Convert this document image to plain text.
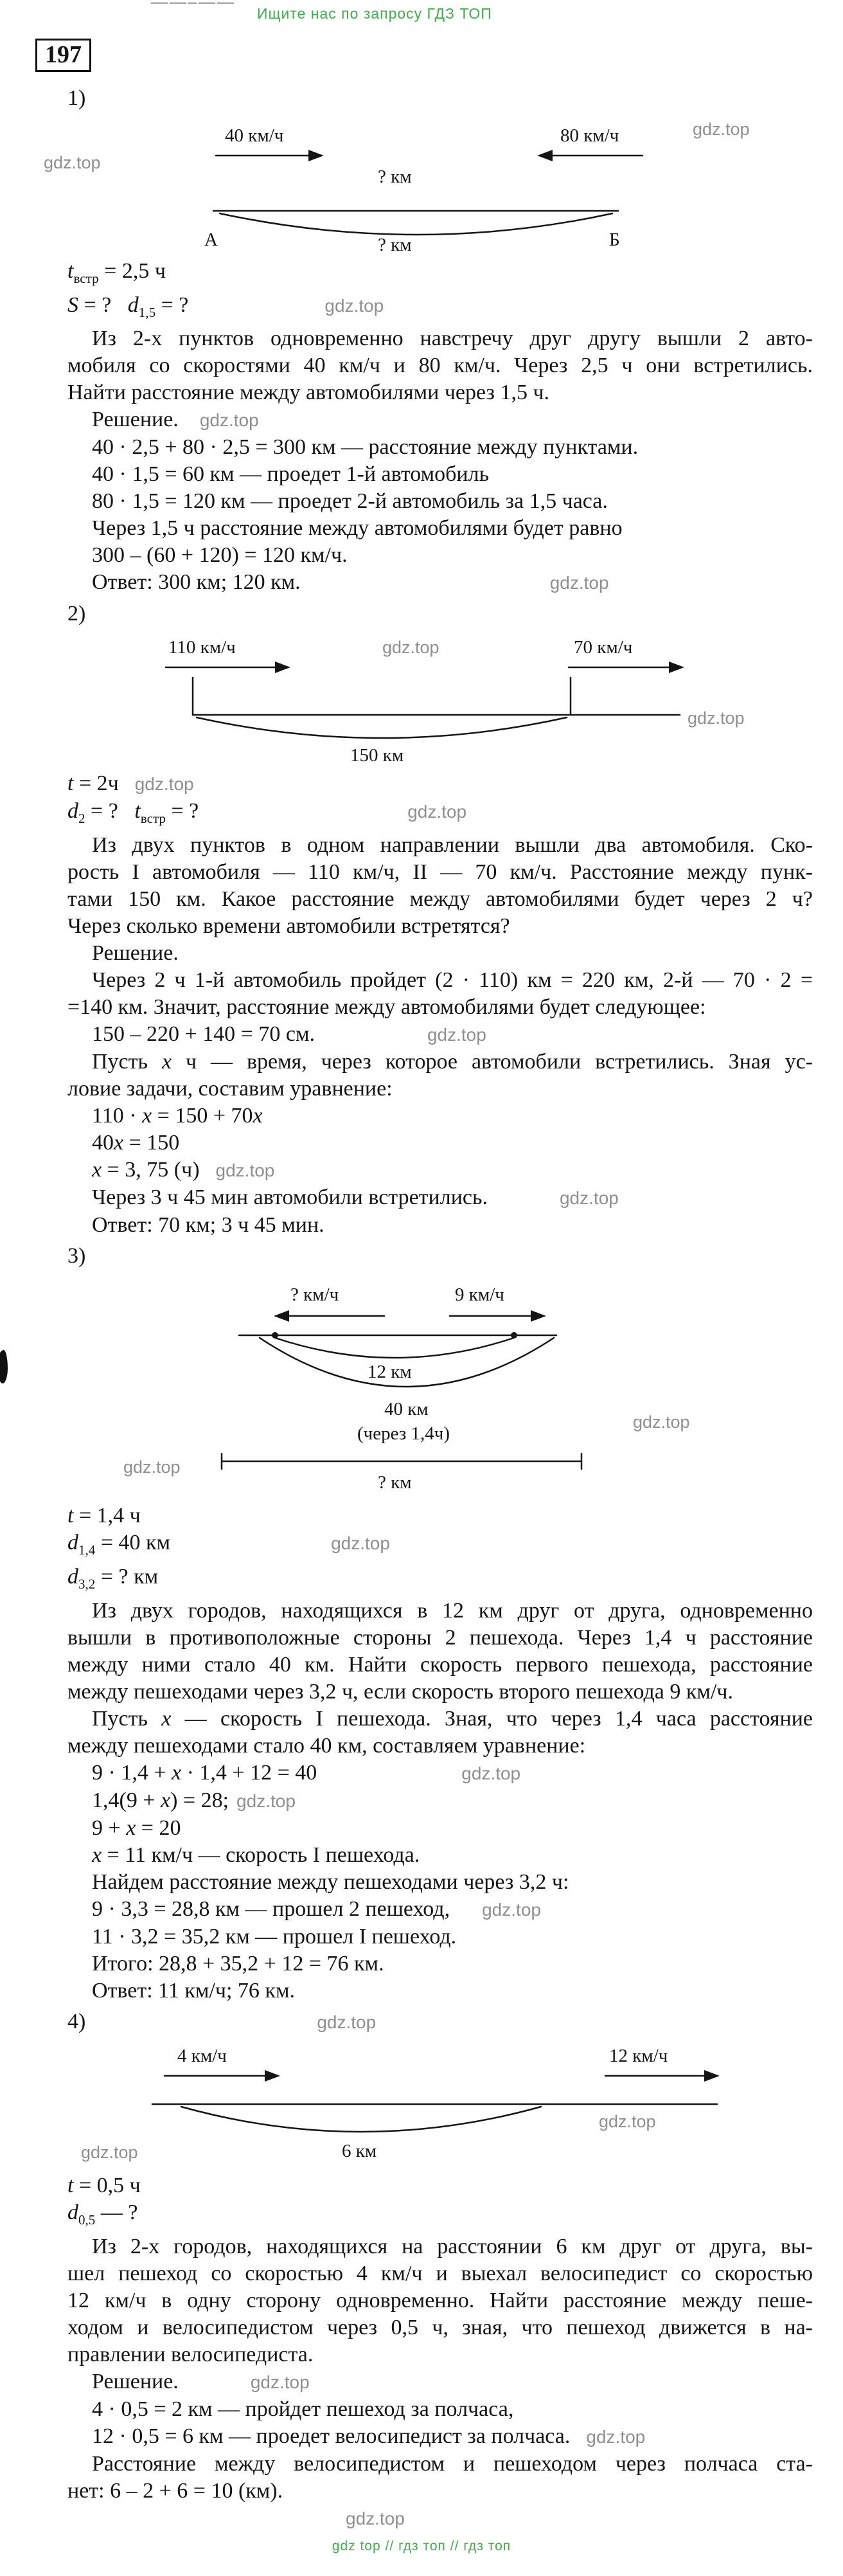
——–——
Ищите нас по запросу ГДЗ ТОП
197
1)
40 км/ч	80 км/ч	gdz.top
gdz.top
? км
А	Б
? км
$t_{встр} = 2,5$ ч
S = ?   $d_{1,5}$ = ?	gdz.top
Из 2-х пунктов одновременно навстречу друг другу вышли 2 авто-
мобиля со скоростями 40 км/ч и 80 км/ч. Через 2,5 ч они встретились.
Найти расстояние между автомобилями через 1,5 ч.
Решение. gdz.top
40 · 2,5 + 80 · 2,5 = 300 км — расстояние между пунктами.
40 · 1,5 = 60 км — проедет 1-й автомобиль
80 · 1,5 = 120 км — проедет 2-й автомобиль за 1,5 часа.
Через 1,5 ч расстояние между автомобилями будет равно
300 – (60 + 120) = 120 км/ч.
Ответ: 300 км; 120 км.	gdz.top
2)
110 км/ч	gdz.top	70 км/ч
150 км
gdz.top
t = 2ч gdz.top
$d_2$ = ?   $t_{встр}$ = ?	gdz.top
Из двух пунктов в одном направлении вышли два автомобиля. Ско-
рость I автомобиля — 110 км/ч, II — 70 км/ч. Расстояние между пунк-
тами 150 км. Какое расстояние между автомобилями будет через 2 ч?
Через сколько времени автомобили встретятся?
Решение.
Через 2 ч 1-й автомобиль пройдет (2 · 110) км = 220 км, 2-й — 70 · 2 =
=140 км. Значит, расстояние между автомобилями будет следующее:
150 – 220 + 140 = 70 см.	gdz.top
Пусть х ч — время, через которое автомобили встретились. Зная ус-
ловие задачи, составим уравнение:
110 · х = 150 + 70х
40х = 150
х = 3, 75 (ч) gdz.top
Через 3 ч 45 мин автомобили встретились.	gdz.top
Ответ: 70 км; 3 ч 45 мин.
3)
? км/ч	9 км/ч
12 км
40 км
(через 1,4ч)
gdz.top
? км
gdz.top
t = 1,4 ч
$d_{1,4} = 40$ км	gdz.top
$d_{3,2}$ = ? км
Из двух городов, находящихся в 12 км друг от друга, одновременно
вышли в противоположные стороны 2 пешехода. Через 1,4 ч расстояние
между ними стало 40 км. Найти скорость первого пешехода, расстояние
между пешеходами через 3,2 ч, если скорость второго пешехода 9 км/ч.
Пусть х — скорость I пешехода. Зная, что через 1,4 часа расстояние
между пешеходами стало 40 км, составляем уравнение:
9 · 1,4 + х · 1,4 + 12 = 40	gdz.top
1,4(9 + х) = 28; gdz.top
9 + х = 20
х = 11 км/ч — скорость I пешехода.
Найдем расстояние между пешеходами через 3,2 ч:
9 · 3,3 = 28,8 км — прошел 2 пешеход, gdz.top
11 · 3,2 = 35,2 км — прошел I пешеход.
Итого: 28,8 + 35,2 + 12 = 76 км.
Ответ: 11 км/ч; 76 км.
4)	gdz.top
4 км/ч	12 км/ч
6 км
gdz.top
gdz.top
t = 0,5 ч
$d_{0,5}$ — ?
Из 2-х городов, находящихся на расстоянии 6 км друг от друга, вы-
шел пешеход со скоростью 4 км/ч и выехал велосипедист со скоростью
12 км/ч в одну сторону одновременно. Найти расстояние между пеше-
ходом и велосипедистом через 0,5 ч, зная, что пешеход движется в на-
правлении велосипедиста.
Решение.	gdz.top
4 · 0,5 = 2 км — пройдет пешеход за полчаса,
12 · 0,5 = 6 км — проедет велосипедист за полчаса. gdz.top
Расстояние между велосипедистом и пешеходом через полчаса ста-
нет: 6 – 2 + 6 = 10 (км).
gdz.top
gdz top // гдз топ // гдз топ
